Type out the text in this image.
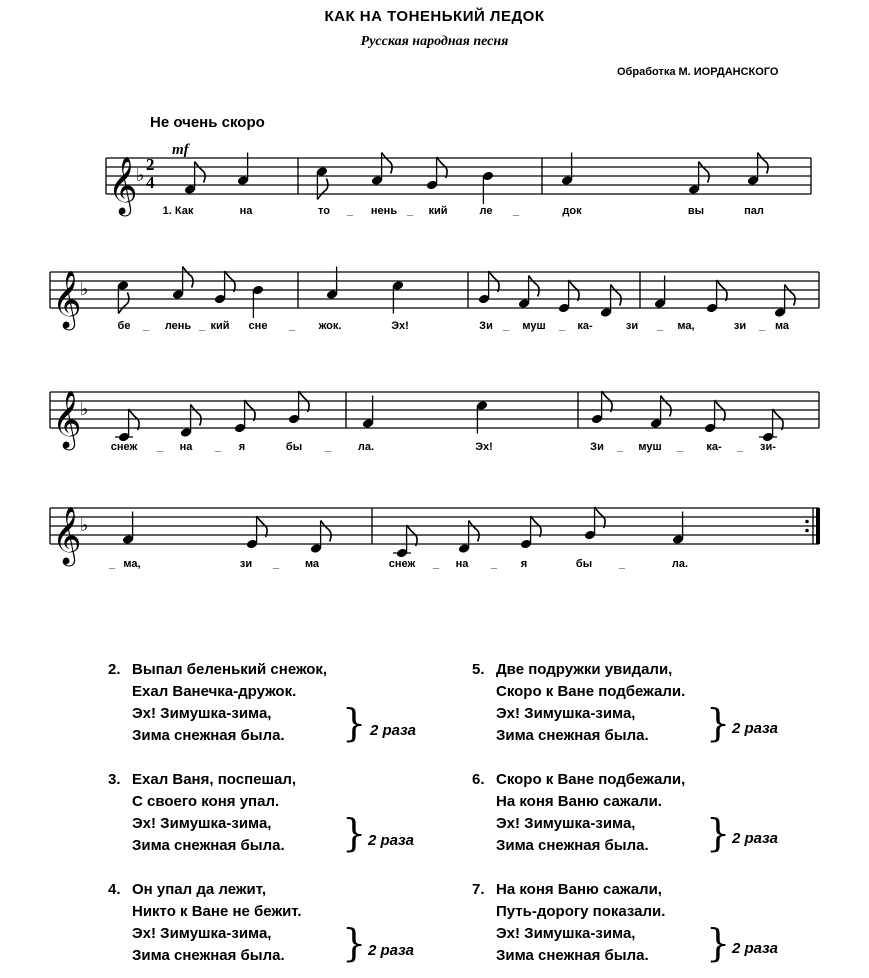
КАК НА ТОНЕНЬКИЙ ЛЕДОК
Русская народная песня
Обработка М. ИОРДАНСКОГО
Не очень скоро
mf
𝄞
♭
𝄞
♭
𝄞
♭
𝄞
♭
2
4
1. Как	на	то _ нень _ кий	ле _	док	вы	пал
бе _ лень _ кий сне _ жок.	Эх!	Зи _ муш _ ка-	зи _ ма,	зи _ ма
снеж _ на _ я	бы _ ла.	Эх!	Зи _ муш _ ка- _ зи-
_ ма,	зи _ ма	снеж _ на _ я	бы _	ла.
2. Выпал беленький снежок,
Ехал Ванечка-дружок.
Эх! Зимушка-зима,
Зима снежная была.	} 2 раза
3. Ехал Ваня, поспешал,
С своего коня упал.
Эх! Зимушка-зима,
Зима снежная была. } 2 раза
4. Он упал да лежит,
Никто к Ване не бежит.
Эх! Зимушка-зима,
Зима снежная была.	} 2 раза
5. Две подружки увидали,
Скоро к Ване подбежали.
Эх! Зимушка-зима,
Зима снежная была.	} 2 раза
6. Скоро к Ване подбежали,
На коня Ваню сажали.
Эх! Зимушка-зима,
Зима снежная была.	} 2 раза
7. На коня Ваню сажали,
Путь-дорогу показали.
Эх! Зимушка-зима,
Зима снежная была.	} 2 раза
